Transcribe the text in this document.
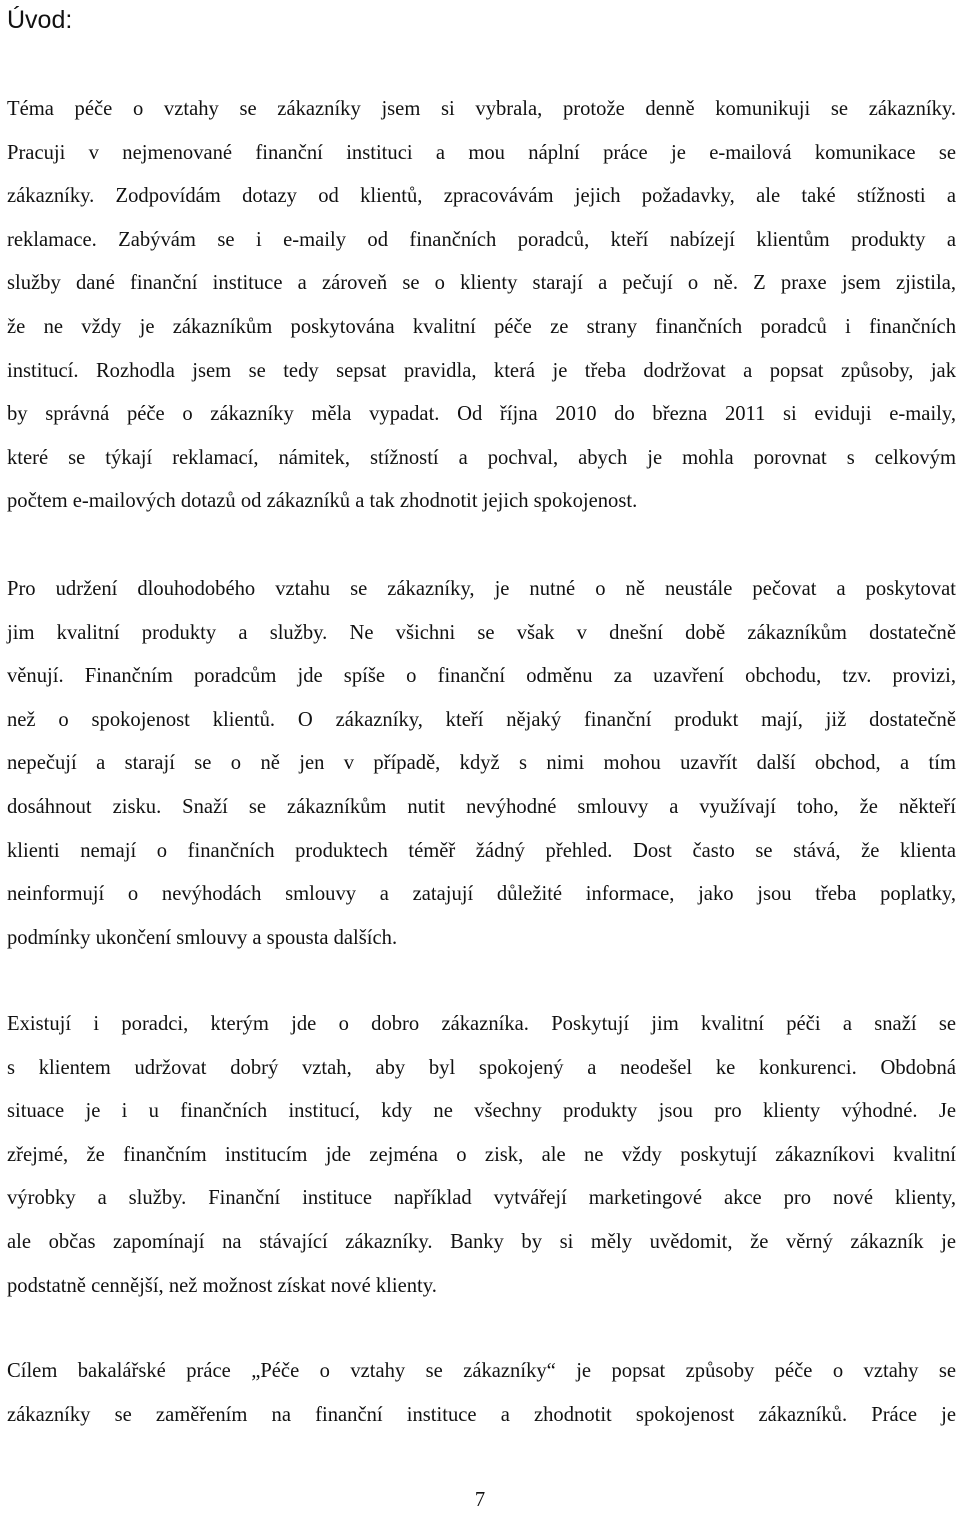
Úvod:
Téma péče o vztahy se zákazníky jsem si vybrala, protože denně komunikuji se zákazníky.
Pracuji v nejmenované finanční instituci a mou náplní práce je e-mailová komunikace se
zákazníky. Zodpovídám dotazy od klientů, zpracovávám jejich požadavky, ale také stížnosti a
reklamace. Zabývám se i e-maily od finančních poradců, kteří nabízejí klientům produkty a
služby dané finanční instituce a zároveň se o klienty starají a pečují o ně. Z praxe jsem zjistila,
že ne vždy je zákazníkům poskytována kvalitní péče ze strany finančních poradců i finančních
institucí. Rozhodla jsem se tedy sepsat pravidla, která je třeba dodržovat a popsat způsoby, jak
by správná péče o zákazníky měla vypadat. Od října 2010 do března 2011 si eviduji e-maily,
které se týkají reklamací, námitek, stížností a pochval, abych je mohla porovnat s celkovým
počtem e-mailových dotazů od zákazníků a tak zhodnotit jejich spokojenost.
Pro udržení dlouhodobého vztahu se zákazníky, je nutné o ně neustále pečovat a poskytovat
jim kvalitní produkty a služby. Ne všichni se však v dnešní době zákazníkům dostatečně
věnují. Finančním poradcům jde spíše o finanční odměnu za uzavření obchodu, tzv. provizi,
než o spokojenost klientů. O zákazníky, kteří nějaký finanční produkt mají, již dostatečně
nepečují a starají se o ně jen v případě, když s nimi mohou uzavřít další obchod, a tím
dosáhnout zisku. Snaží se zákazníkům nutit nevýhodné smlouvy a využívají toho, že někteří
klienti nemají o finančních produktech téměř žádný přehled. Dost často se stává, že klienta
neinformují o nevýhodách smlouvy a zatajují důležité informace, jako jsou třeba poplatky,
podmínky ukončení smlouvy a spousta dalších.
Existují i poradci, kterým jde o dobro zákazníka. Poskytují jim kvalitní péči a snaží se
s klientem udržovat dobrý vztah, aby byl spokojený a neodešel ke konkurenci. Obdobná
situace je i u finančních institucí, kdy ne všechny produkty jsou pro klienty výhodné. Je
zřejmé, že finančním institucím jde zejména o zisk, ale ne vždy poskytují zákazníkovi kvalitní
výrobky a služby. Finanční instituce například vytvářejí marketingové akce pro nové klienty,
ale občas zapomínají na stávající zákazníky. Banky by si měly uvědomit, že věrný zákazník je
podstatně cennější, než možnost získat nové klienty.
Cílem bakalářské práce „Péče o vztahy se zákazníky“ je popsat způsoby péče o vztahy se
zákazníky se zaměřením na finanční instituce a zhodnotit spokojenost zákazníků. Práce je
7
